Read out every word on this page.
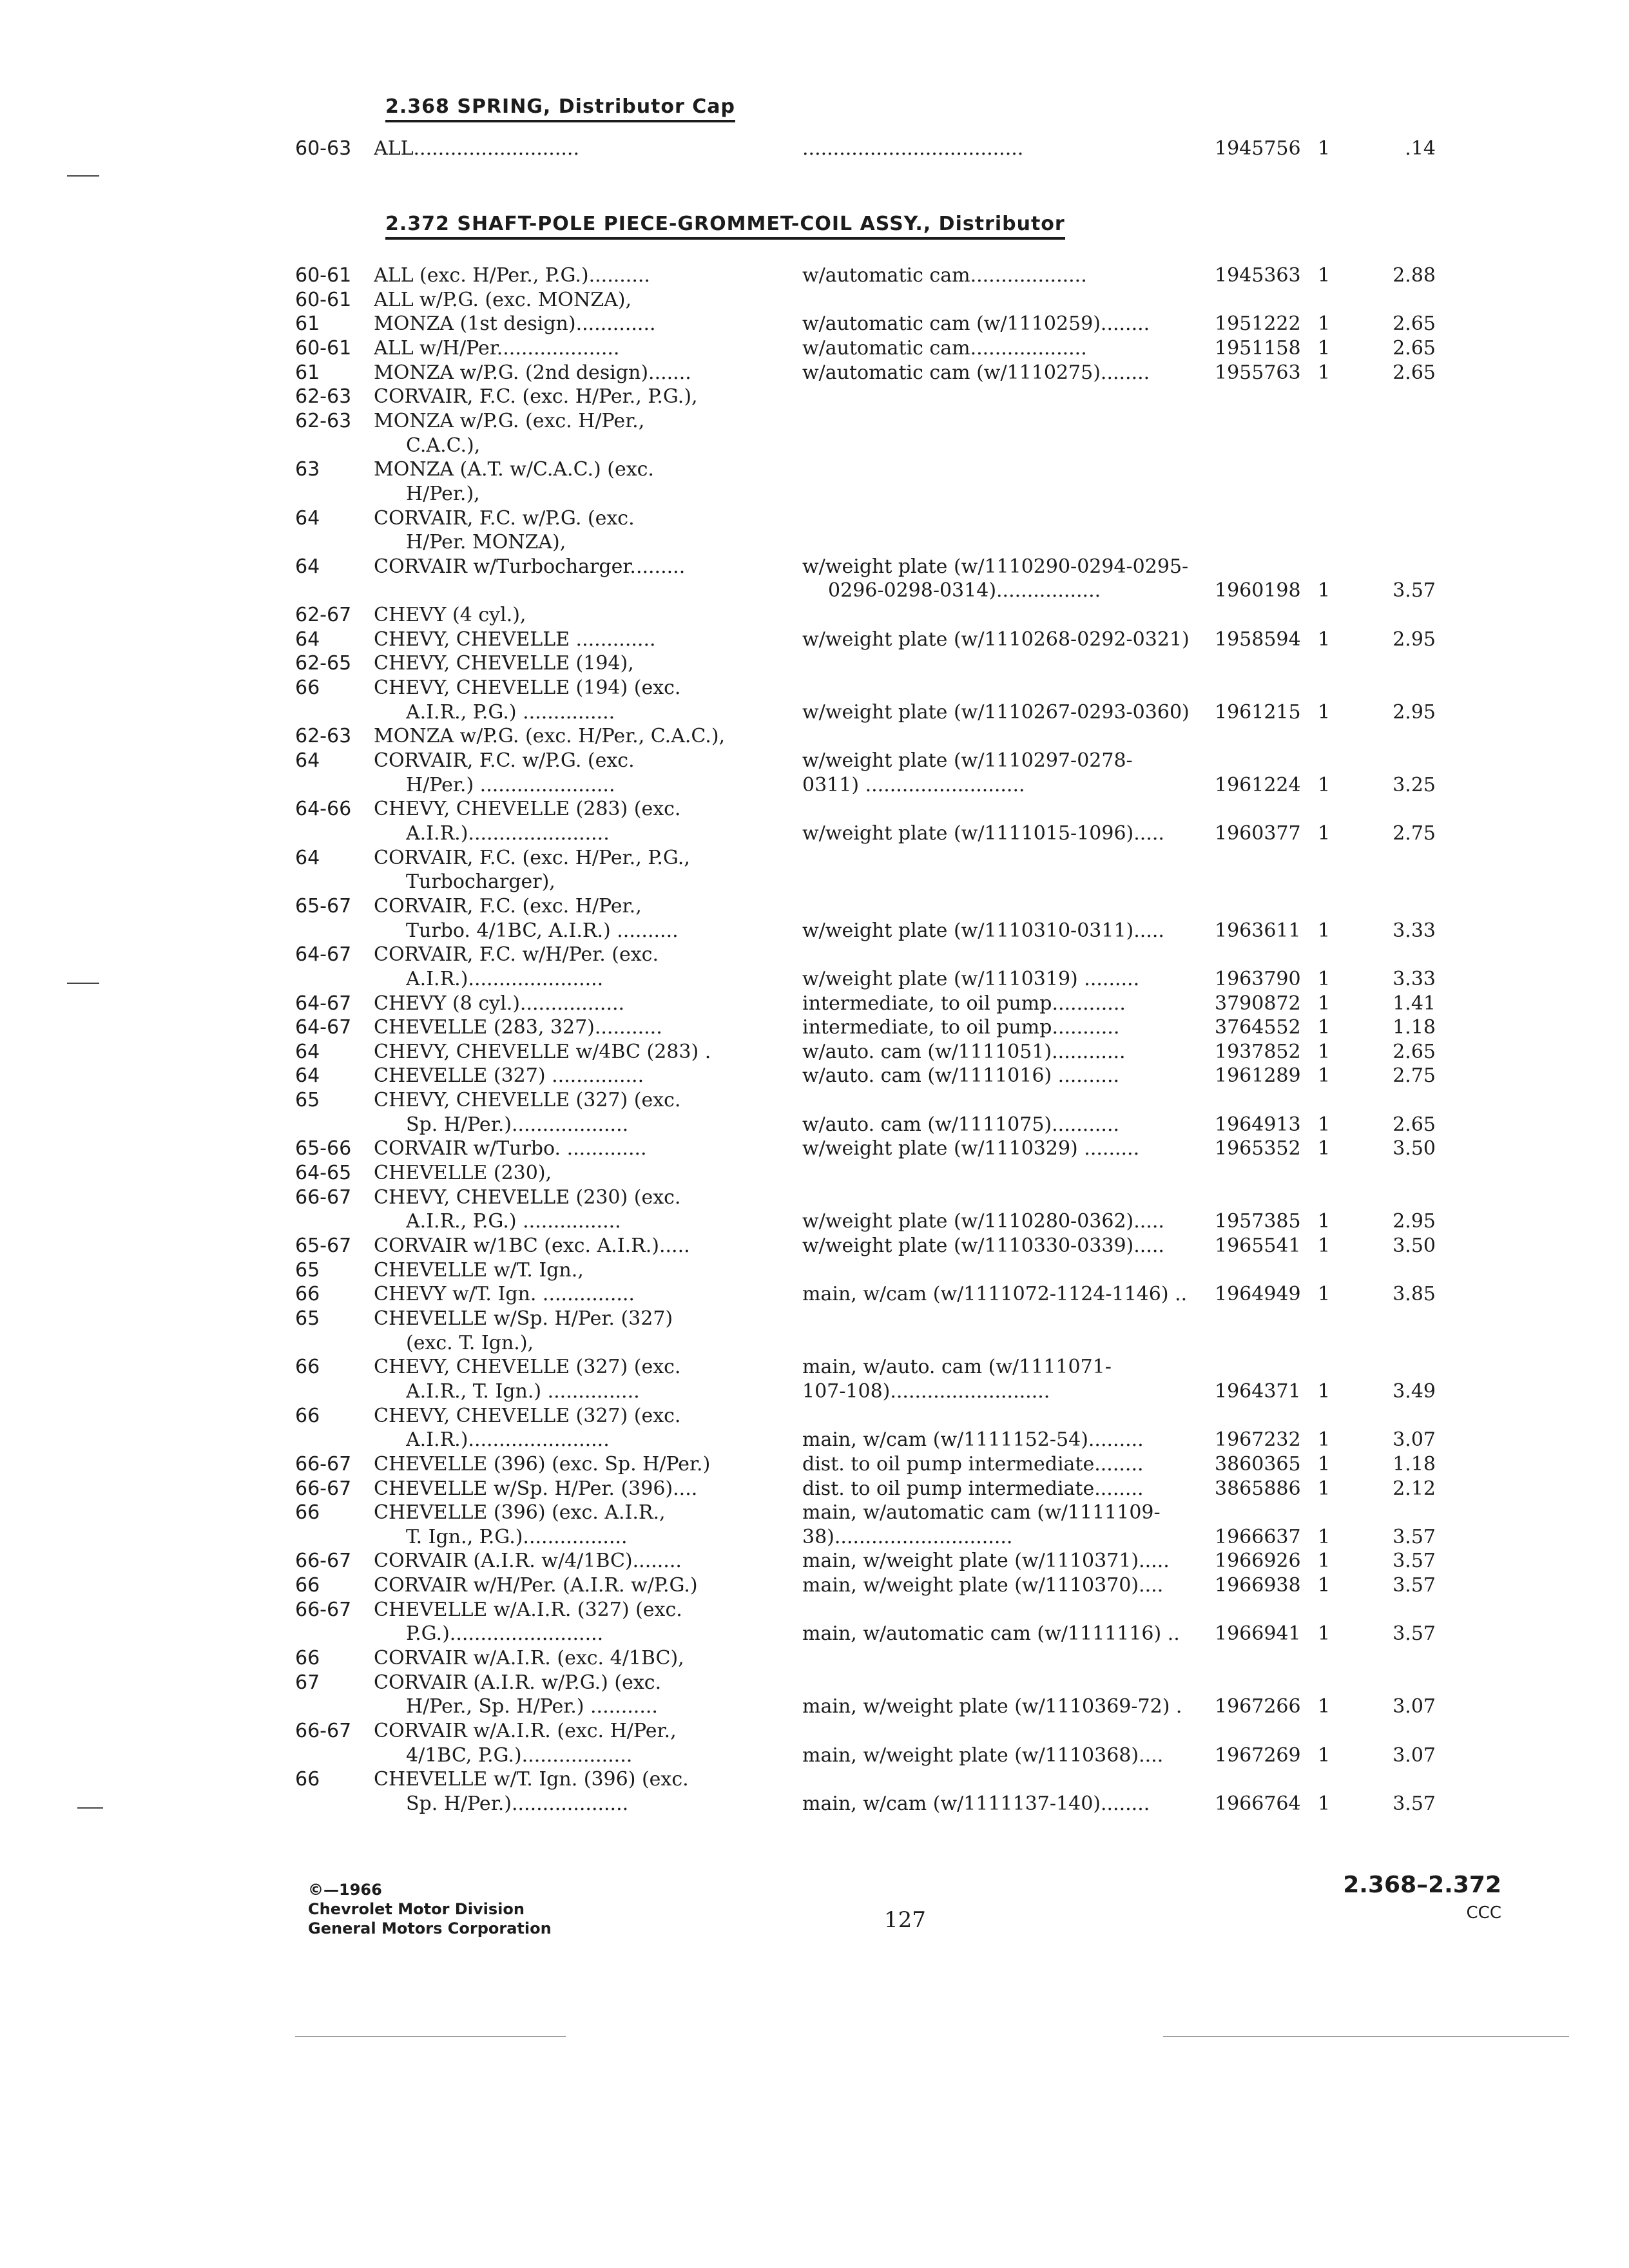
2.368 SPRING, Distributor Cap
60-63 ALL...........................	....................................	1945756 1	.14
2.372 SHAFT-POLE PIECE-GROMMET-COIL ASSY., Distributor
60-61 ALL (exc. H/Per., P.G.)..........	w/automatic cam...................	1945363 1	2.88
60-61 ALL w/P.G. (exc. MONZA),
61	MONZA (1st design).............	w/automatic cam (w/1110259)........	1951222 1	2.65
60-61 ALL w/H/Per....................	w/automatic cam...................	1951158 1	2.65
61	MONZA w/P.G. (2nd design).......	w/automatic cam (w/1110275)........	1955763 1	2.65
62-63 CORVAIR, F.C. (exc. H/Per., P.G.),
62-63 MONZA w/P.G. (exc. H/Per.,
C.A.C.),
63	MONZA (A.T. w/C.A.C.) (exc.
H/Per.),
64	CORVAIR, F.C. w/P.G. (exc.
H/Per. MONZA),
64	CORVAIR w/Turbocharger.........	w/weight plate (w/1110290-0294-0295-
0296-0298-0314).................	1960198 1	3.57
62-67 CHEVY (4 cyl.),
64	CHEVY, CHEVELLE .............	w/weight plate (w/1110268-0292-0321)	1958594 1	2.95
62-65 CHEVY, CHEVELLE (194),
66	CHEVY, CHEVELLE (194) (exc.
A.I.R., P.G.) ...............	w/weight plate (w/1110267-0293-0360)	1961215 1	2.95
62-63 MONZA w/P.G. (exc. H/Per., C.A.C.),
64	CORVAIR, F.C. w/P.G. (exc.	w/weight plate (w/1110297-0278-
H/Per.) ......................	0311) ..........................	1961224 1	3.25
64-66 CHEVY, CHEVELLE (283) (exc.
A.I.R.).......................	w/weight plate (w/1111015-1096).....	1960377 1	2.75
64	CORVAIR, F.C. (exc. H/Per., P.G.,
Turbocharger),
65-67 CORVAIR, F.C. (exc. H/Per.,
Turbo. 4/1BC, A.I.R.) ..........	w/weight plate (w/1110310-0311).....	1963611 1	3.33
64-67 CORVAIR, F.C. w/H/Per. (exc.
A.I.R.)......................	w/weight plate (w/1110319) .........	1963790 1	3.33
64-67 CHEVY (8 cyl.).................	intermediate, to oil pump............	3790872 1	1.41
64-67 CHEVELLE (283, 327)...........	intermediate, to oil pump...........	3764552 1	1.18
64	CHEVY, CHEVELLE w/4BC (283) .	w/auto. cam (w/1111051)............	1937852 1	2.65
64	CHEVELLE (327) ...............	w/auto. cam (w/1111016) ..........	1961289 1	2.75
65	CHEVY, CHEVELLE (327) (exc.
Sp. H/Per.)...................	w/auto. cam (w/1111075)...........	1964913 1	2.65
65-66 CORVAIR w/Turbo. .............	w/weight plate (w/1110329) .........	1965352 1	3.50
64-65 CHEVELLE (230),
66-67 CHEVY, CHEVELLE (230) (exc.
A.I.R., P.G.) ................	w/weight plate (w/1110280-0362).....	1957385 1	2.95
65-67 CORVAIR w/1BC (exc. A.I.R.).....	w/weight plate (w/1110330-0339).....	1965541 1	3.50
65	CHEVELLE w/T. Ign.,
66	CHEVY w/T. Ign. ...............	main, w/cam (w/1111072-1124-1146) ..	1964949 1	3.85
65	CHEVELLE w/Sp. H/Per. (327)
(exc. T. Ign.),
66	CHEVY, CHEVELLE (327) (exc.	main, w/auto. cam (w/1111071-
A.I.R., T. Ign.) ...............	107-108)..........................	1964371 1	3.49
66	CHEVY, CHEVELLE (327) (exc.
A.I.R.).......................	main, w/cam (w/1111152-54).........	1967232 1	3.07
66-67 CHEVELLE (396) (exc. Sp. H/Per.)	dist. to oil pump intermediate........	3860365 1	1.18
66-67 CHEVELLE w/Sp. H/Per. (396)....	dist. to oil pump intermediate........	3865886 1	2.12
66	CHEVELLE (396) (exc. A.I.R.,	main, w/automatic cam (w/1111109-
T. Ign., P.G.).................	38).............................	1966637 1	3.57
66-67 CORVAIR (A.I.R. w/4/1BC)........	main, w/weight plate (w/1110371).....	1966926 1	3.57
66	CORVAIR w/H/Per. (A.I.R. w/P.G.)	main, w/weight plate (w/1110370)....	1966938 1	3.57
66-67 CHEVELLE w/A.I.R. (327) (exc.
P.G.).........................	main, w/automatic cam (w/1111116) ..	1966941 1	3.57
66	CORVAIR w/A.I.R. (exc. 4/1BC),
67	CORVAIR (A.I.R. w/P.G.) (exc.
H/Per., Sp. H/Per.) ...........	main, w/weight plate (w/1110369-72) .	1967266 1	3.07
66-67 CORVAIR w/A.I.R. (exc. H/Per.,
4/1BC, P.G.)..................	main, w/weight plate (w/1110368)....	1967269 1	3.07
66	CHEVELLE w/T. Ign. (396) (exc.
Sp. H/Per.)...................	main, w/cam (w/1111137-140)........	1966764 1	3.57
©—1966
Chevrolet Motor Division
General Motors Corporation	127
2.368–2.372
CCC
